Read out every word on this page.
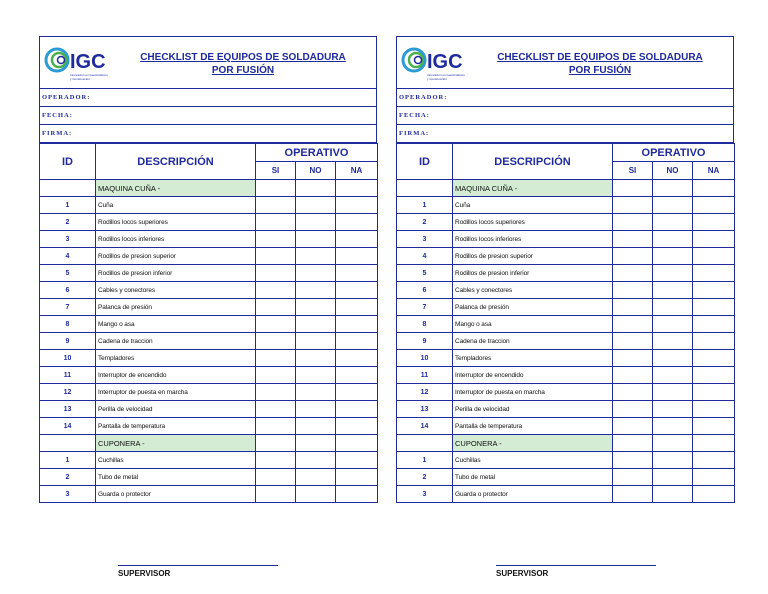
IGC
Innovación en Geosintéticos
y Construcción
CHECKLIST DE EQUIPOS DE SOLDADURA
POR FUSIÓN
OPERADOR:
FECHA:
FIRMA:
ID	DESCRIPCIÓN	OPERATIVO		
		SI	NO	NA
	MAQUINA CUÑA -			
1	Cuña			
2	Rodillos locos superiores			
3	Rodillos locos inferiores			
4	Rodillos de presion superior			
5	Rodillos de presion inferior			
6	Cables y conectores			
7	Palanca de presión			
8	Mango o asa			
9	Cadena de traccion			
10	Templadores			
11	Interruptor de encendido			
12	Interruptor de puesta en marcha			
13	Perilla de velocidad			
14	Pantalla de temperatura			
	CUPONERA -			
1	Cuchillas			
2	Tubo de metal			
3	Guarda o protector			
IGC
Innovación en Geosintéticos
y Construcción
CHECKLIST DE EQUIPOS DE SOLDADURA
POR FUSIÓN
OPERADOR:
FECHA:
FIRMA:
ID	DESCRIPCIÓN	OPERATIVO		
		SI	NO	NA
	MAQUINA CUÑA -			
1	Cuña			
2	Rodillos locos superiores			
3	Rodillos locos inferiores			
4	Rodillos de presion superior			
5	Rodillos de presion inferior			
6	Cables y conectores			
7	Palanca de presión			
8	Mango o asa			
9	Cadena de traccion			
10	Templadores			
11	Interruptor de encendido			
12	Interruptor de puesta en marcha			
13	Perilla de velocidad			
14	Pantalla de temperatura			
	CUPONERA -			
1	Cuchillas			
2	Tubo de metal			
3	Guarda o protector			
SUPERVISOR	SUPERVISOR
